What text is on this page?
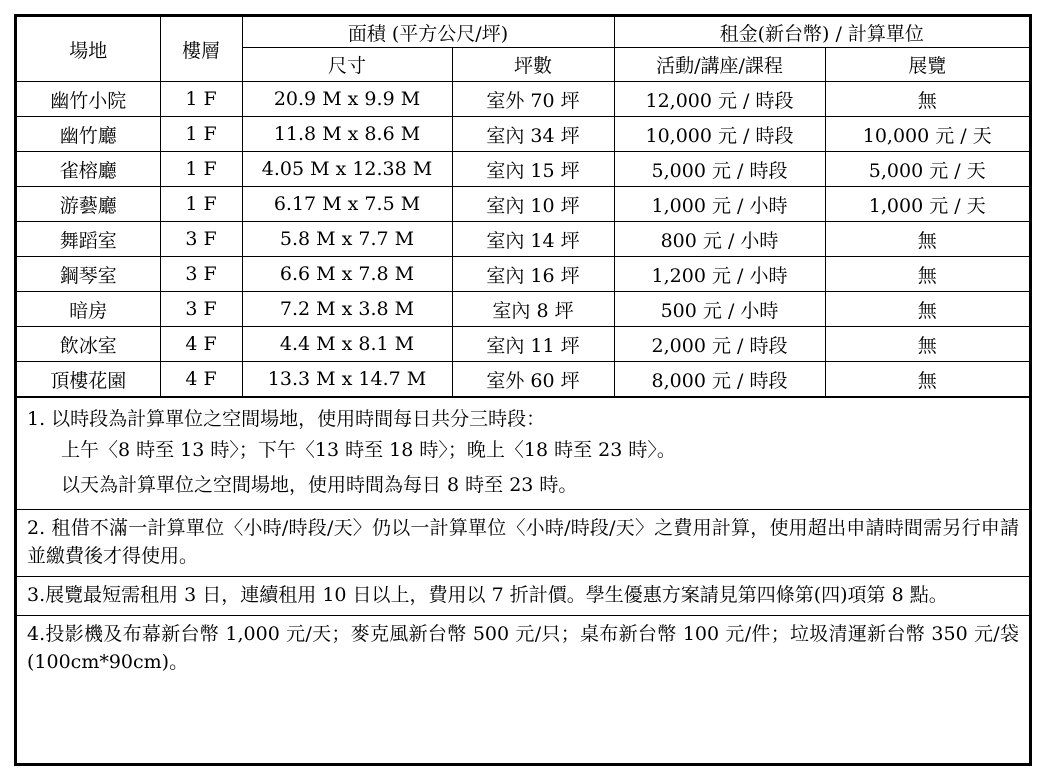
場地	樓層	面積 (平方公尺/坪)		租金(新台幣) / 計算單位	
		尺寸	坪數	活動/講座/課程	展覽
幽竹小院	1 F	20.9 M x 9.9 M	室外 70 坪	12,000 元 / 時段	無
幽竹廳	1 F	11.8 M x 8.6 M	室內 34 坪	10,000 元 / 時段	10,000 元 / 天
雀榕廳	1 F	4.05 M x 12.38 M	室內 15 坪	5,000 元 / 時段	5,000 元 / 天
游藝廳	1 F	6.17 M x 7.5 M	室內 10 坪	1,000 元 / 小時	1,000 元 / 天
舞蹈室	3 F	5.8 M x 7.7 M	室內 14 坪	800 元 / 小時	無
鋼琴室	3 F	6.6 M x 7.8 M	室內 16 坪	1,200 元 / 小時	無
暗房	3 F	7.2 M x 3.8 M	室內 8 坪	500 元 / 小時	無
飲冰室	4 F	4.4 M x 8.1 M	室內 11 坪	2,000 元 / 時段	無
頂樓花園	4 F	13.3 M x 14.7 M	室外 60 坪	8,000 元 / 時段	無
1. 以時段為計算單位之空間場地，使用時間每日共分三時段：
上午〈8 時至 13 時〉；下午〈13 時至 18 時〉；晚上〈18 時至 23 時〉。
以天為計算單位之空間場地，使用時間為每日 8 時至 23 時。
2. 租借不滿一計算單位〈小時/時段/天〉仍以一計算單位〈小時/時段/天〉之費用計算，使用超出申請時間需另行申請並繳費後才得使用。
3.展覽最短需租用 3 日，連續租用 10 日以上，費用以 7 折計價。學生優惠方案請見第四條第(四)項第 8 點。
4.投影機及布幕新台幣 1,000 元/天；麥克風新台幣 500 元/只；桌布新台幣 100 元/件；垃圾清運新台幣 350 元/袋(100cm*90cm)。
